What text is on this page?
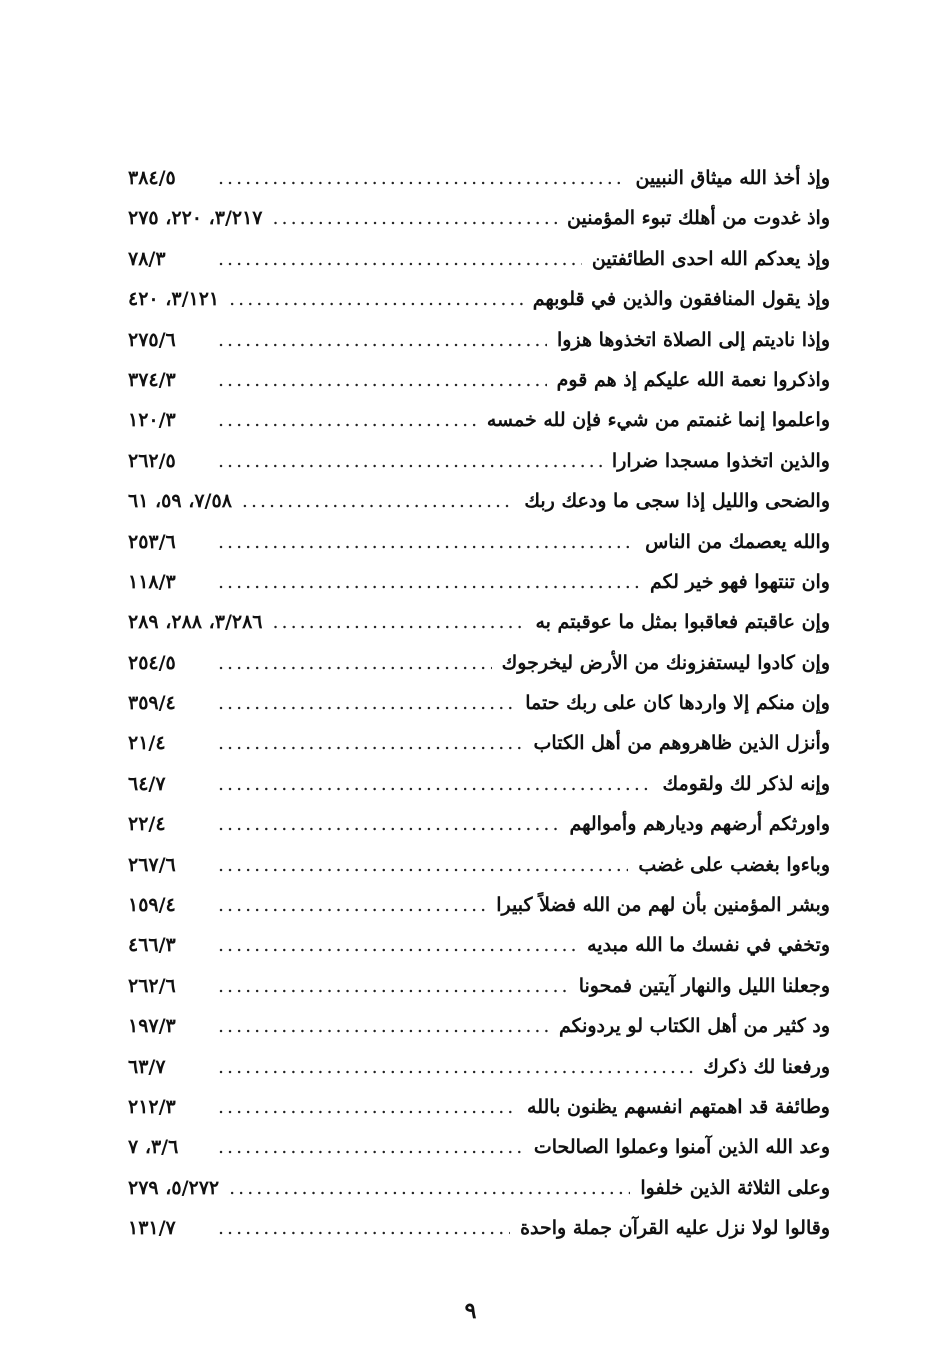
وإذ أخذ الله ميثاق النبيين
.....
٣٨٤/٥
واذ غدوت من أهلك تبوء المؤمنين
.....
٣/٢١٧، ٢٢٠، ٢٧٥
وإذ يعدكم الله احدى الطائفتين
.....
٧٨/٣
وإذ يقول المنافقون والذين في قلوبهم
.....
٣/١٢١، ٤٢٠
وإذا ناديتم إلى الصلاة اتخذوها هزوا
.....
٢٧٥/٦
واذكروا نعمة الله عليكم إذ هم قوم
.....
٣٧٤/٣
واعلموا إنما غنمتم من شيء فإن لله خمسه
.....
١٢٠/٣
والذين اتخذوا مسجدا ضرارا
.....
٢٦٢/٥
والضحى والليل إذا سجى ما ودعك ربك
.....
٧/٥٨، ٥٩، ٦١
والله يعصمك من الناس
.....
٢٥٣/٦
وان تنتهوا فهو خير لكم
.....
١١٨/٣
وإن عاقبتم فعاقبوا بمثل ما عوقبتم به
.....
٣/٢٨٦، ٢٨٨، ٢٨٩
وإن كادوا ليستفزونك من الأرض ليخرجوك
.....
٢٥٤/٥
وإن منكم إلا واردها كان على ربك حتما
.....
٣٥٩/٤
وأنزل الذين ظاهروهم من أهل الكتاب
.....
٢١/٤
وإنه لذكر لك ولقومك
.....
٦٤/٧
واورثكم أرضهم وديارهم وأموالهم
.....
٢٢/٤
وباءوا بغضب على غضب
.....
٢٦٧/٦
وبشر المؤمنين بأن لهم من الله فضلاً كبيرا
.....
١٥٩/٤
وتخفي في نفسك ما الله مبديه
.....
٤٦٦/٣
وجعلنا الليل والنهار آيتين فمحونا
.....
٢٦٢/٦
ود كثير من أهل الكتاب لو يردونكم
.....
١٩٧/٣
ورفعنا لك ذكرك
.....
٦٣/٧
وطائفة قد اهمتهم انفسهم يظنون بالله
.....
٢١٢/٣
وعد الله الذين آمنوا وعملوا الصالحات
.....
٣/٦، ٧
وعلى الثلاثة الذين خلفوا
.....
٥/٢٧٢، ٢٧٩
وقالوا لولا نزل عليه القرآن جملة واحدة
.....
١٣١/٧
٩
